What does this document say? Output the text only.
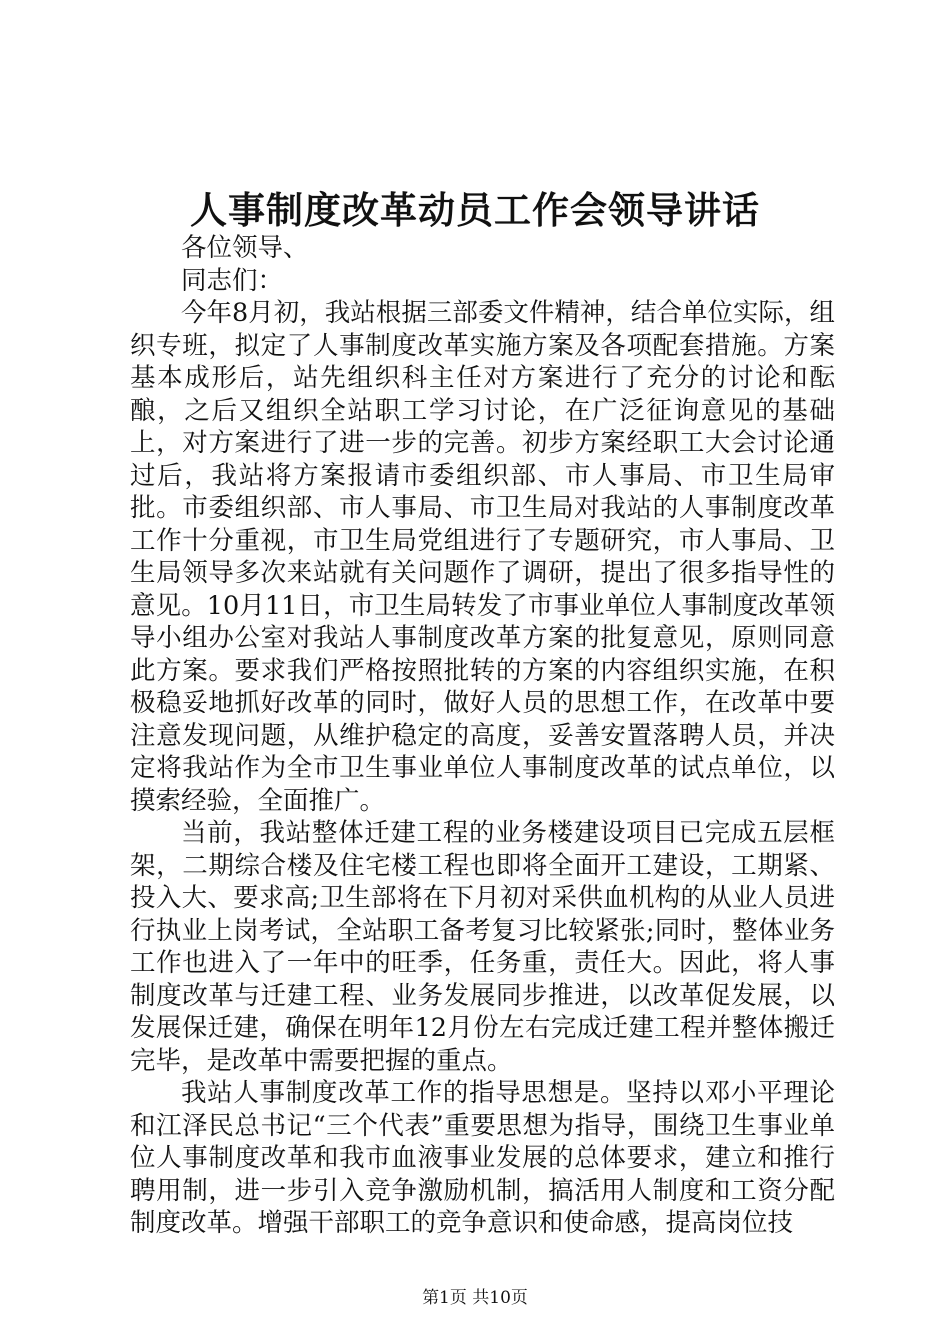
人事制度改革动员工作会领导讲话

各位领导、

同志们：

今年8月初，我站根据三部委文件精神，结合单位实际，组织专班，拟定了人事制度改革实施方案及各项配套措施。方案基本成形后，站先组织科主任对方案进行了充分的讨论和酝酿，之后又组织全站职工学习讨论，在广泛征询意见的基础上，对方案进行了进一步的完善。初步方案经职工大会讨论通过后，我站将方案报请市委组织部、市人事局、市卫生局审批。市委组织部、市人事局、市卫生局对我站的人事制度改革工作十分重视，市卫生局党组进行了专题研究，市人事局、卫生局领导多次来站就有关问题作了调研，提出了很多指导性的意见。10月11日，市卫生局转发了市事业单位人事制度改革领导小组办公室对我站人事制度改革方案的批复意见，原则同意此方案。要求我们严格按照批转的方案的内容组织实施，在积极稳妥地抓好改革的同时，做好人员的思想工作，在改革中要注意发现问题，从维护稳定的高度，妥善安置落聘人员，并决定将我站作为全市卫生事业单位人事制度改革的试点单位，以摸索经验，全面推广。

当前，我站整体迁建工程的业务楼建设项目已完成五层框架，二期综合楼及住宅楼工程也即将全面开工建设，工期紧、投入大、要求高;卫生部将在下月初对采供血机构的从业人员进行执业上岗考试，全站职工备考复习比较紧张;同时，整体业务工作也进入了一年中的旺季，任务重，责任大。因此，将人事制度改革与迁建工程、业务发展同步推进，以改革促发展，以发展保迁建，确保在明年12月份左右完成迁建工程并整体搬迁完毕，是改革中需要把握的重点。

我站人事制度改革工作的指导思想是。坚持以邓小平理论和江泽民总书记“三个代表”重要思想为指导，围绕卫生事业单位人事制度改革和我市血液事业发展的总体要求，建立和推行聘用制，进一步引入竞争激励机制，搞活用人制度和工资分配制度改革。增强干部职工的竞争意识和使命感，提高岗位技

第1页 共10页
